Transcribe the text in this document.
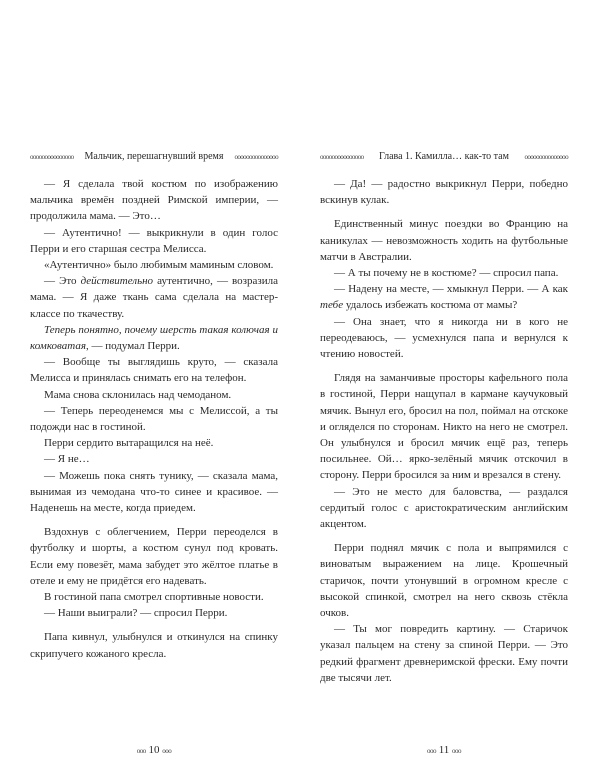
ооооооооооооооо Мальчик, перешагнувший время ооооооооооооооо

— Я сделала твой костюм по изображению мальчика времён поздней Римской империи, — продолжила мама. — Это…

— Аутентично! — выкрикнули в один голос Перри и его старшая сестра Мелисса.

«Аутентично» было любимым маминым словом.

— Это действительно аутентично, — возразила мама. — Я даже ткань сама сделала на мастер-классе по ткачеству.

Теперь понятно, почему шерсть такая колючая и комковатая, — подумал Перри.

— Вообще ты выглядишь круто, — сказала Мелисса и принялась снимать его на телефон.

Мама снова склонилась над чемоданом.

— Теперь переоденемся мы с Мелиссой, а ты подожди нас в гостиной.

Перри сердито вытаращился на неё.

— Я не…

— Можешь пока снять тунику, — сказала мама, вынимая из чемодана что-то синее и красивое. — Наденешь на месте, когда приедем.

Вздохнув с облегчением, Перри переоделся в футболку и шорты, а костюм сунул под кровать. Если ему повезёт, мама забудет это жёлтое платье в отеле и ему не придётся его надевать.

В гостиной папа смотрел спортивные новости.

— Наши выиграли? — спросил Перри.

Папа кивнул, улыбнулся и откинулся на спинку скрипучего кожаного кресла.

ооо 10 ооо
ооооооооооооооо Глава 1. Камилла… как-то там ооооооооооооооо

— Да! — радостно выкрикнул Перри, победно вскинув кулак.

Единственный минус поездки во Францию на каникулах — невозможность ходить на футбольные матчи в Австралии.

— А ты почему не в костюме? — спросил папа.

— Надену на месте, — хмыкнул Перри. — А как тебе удалось избежать костюма от мамы?

— Она знает, что я никогда ни в кого не переодеваюсь, — усмехнулся папа и вернулся к чтению новостей.

Глядя на заманчивые просторы кафельного пола в гостиной, Перри нащупал в кармане каучуковый мячик. Вынул его, бросил на пол, поймал на отскоке и огляделся по сторонам. Никто на него не смотрел. Он улыбнулся и бросил мячик ещё раз, теперь посильнее. Ой… ярко-зелёный мячик отскочил в сторону. Перри бросился за ним и врезался в стену.

— Это не место для баловства, — раздался сердитый голос с аристократическим английским акцентом.

Перри поднял мячик с пола и выпрямился с виноватым выражением на лице. Крошечный старичок, почти утонувший в огромном кресле с высокой спинкой, смотрел на него сквозь стёкла очков.

— Ты мог повредить картину. — Старичок указал пальцем на стену за спиной Перри. — Это редкий фрагмент древнеримской фрески. Ему почти две тысячи лет.

ооо 11 ооо
